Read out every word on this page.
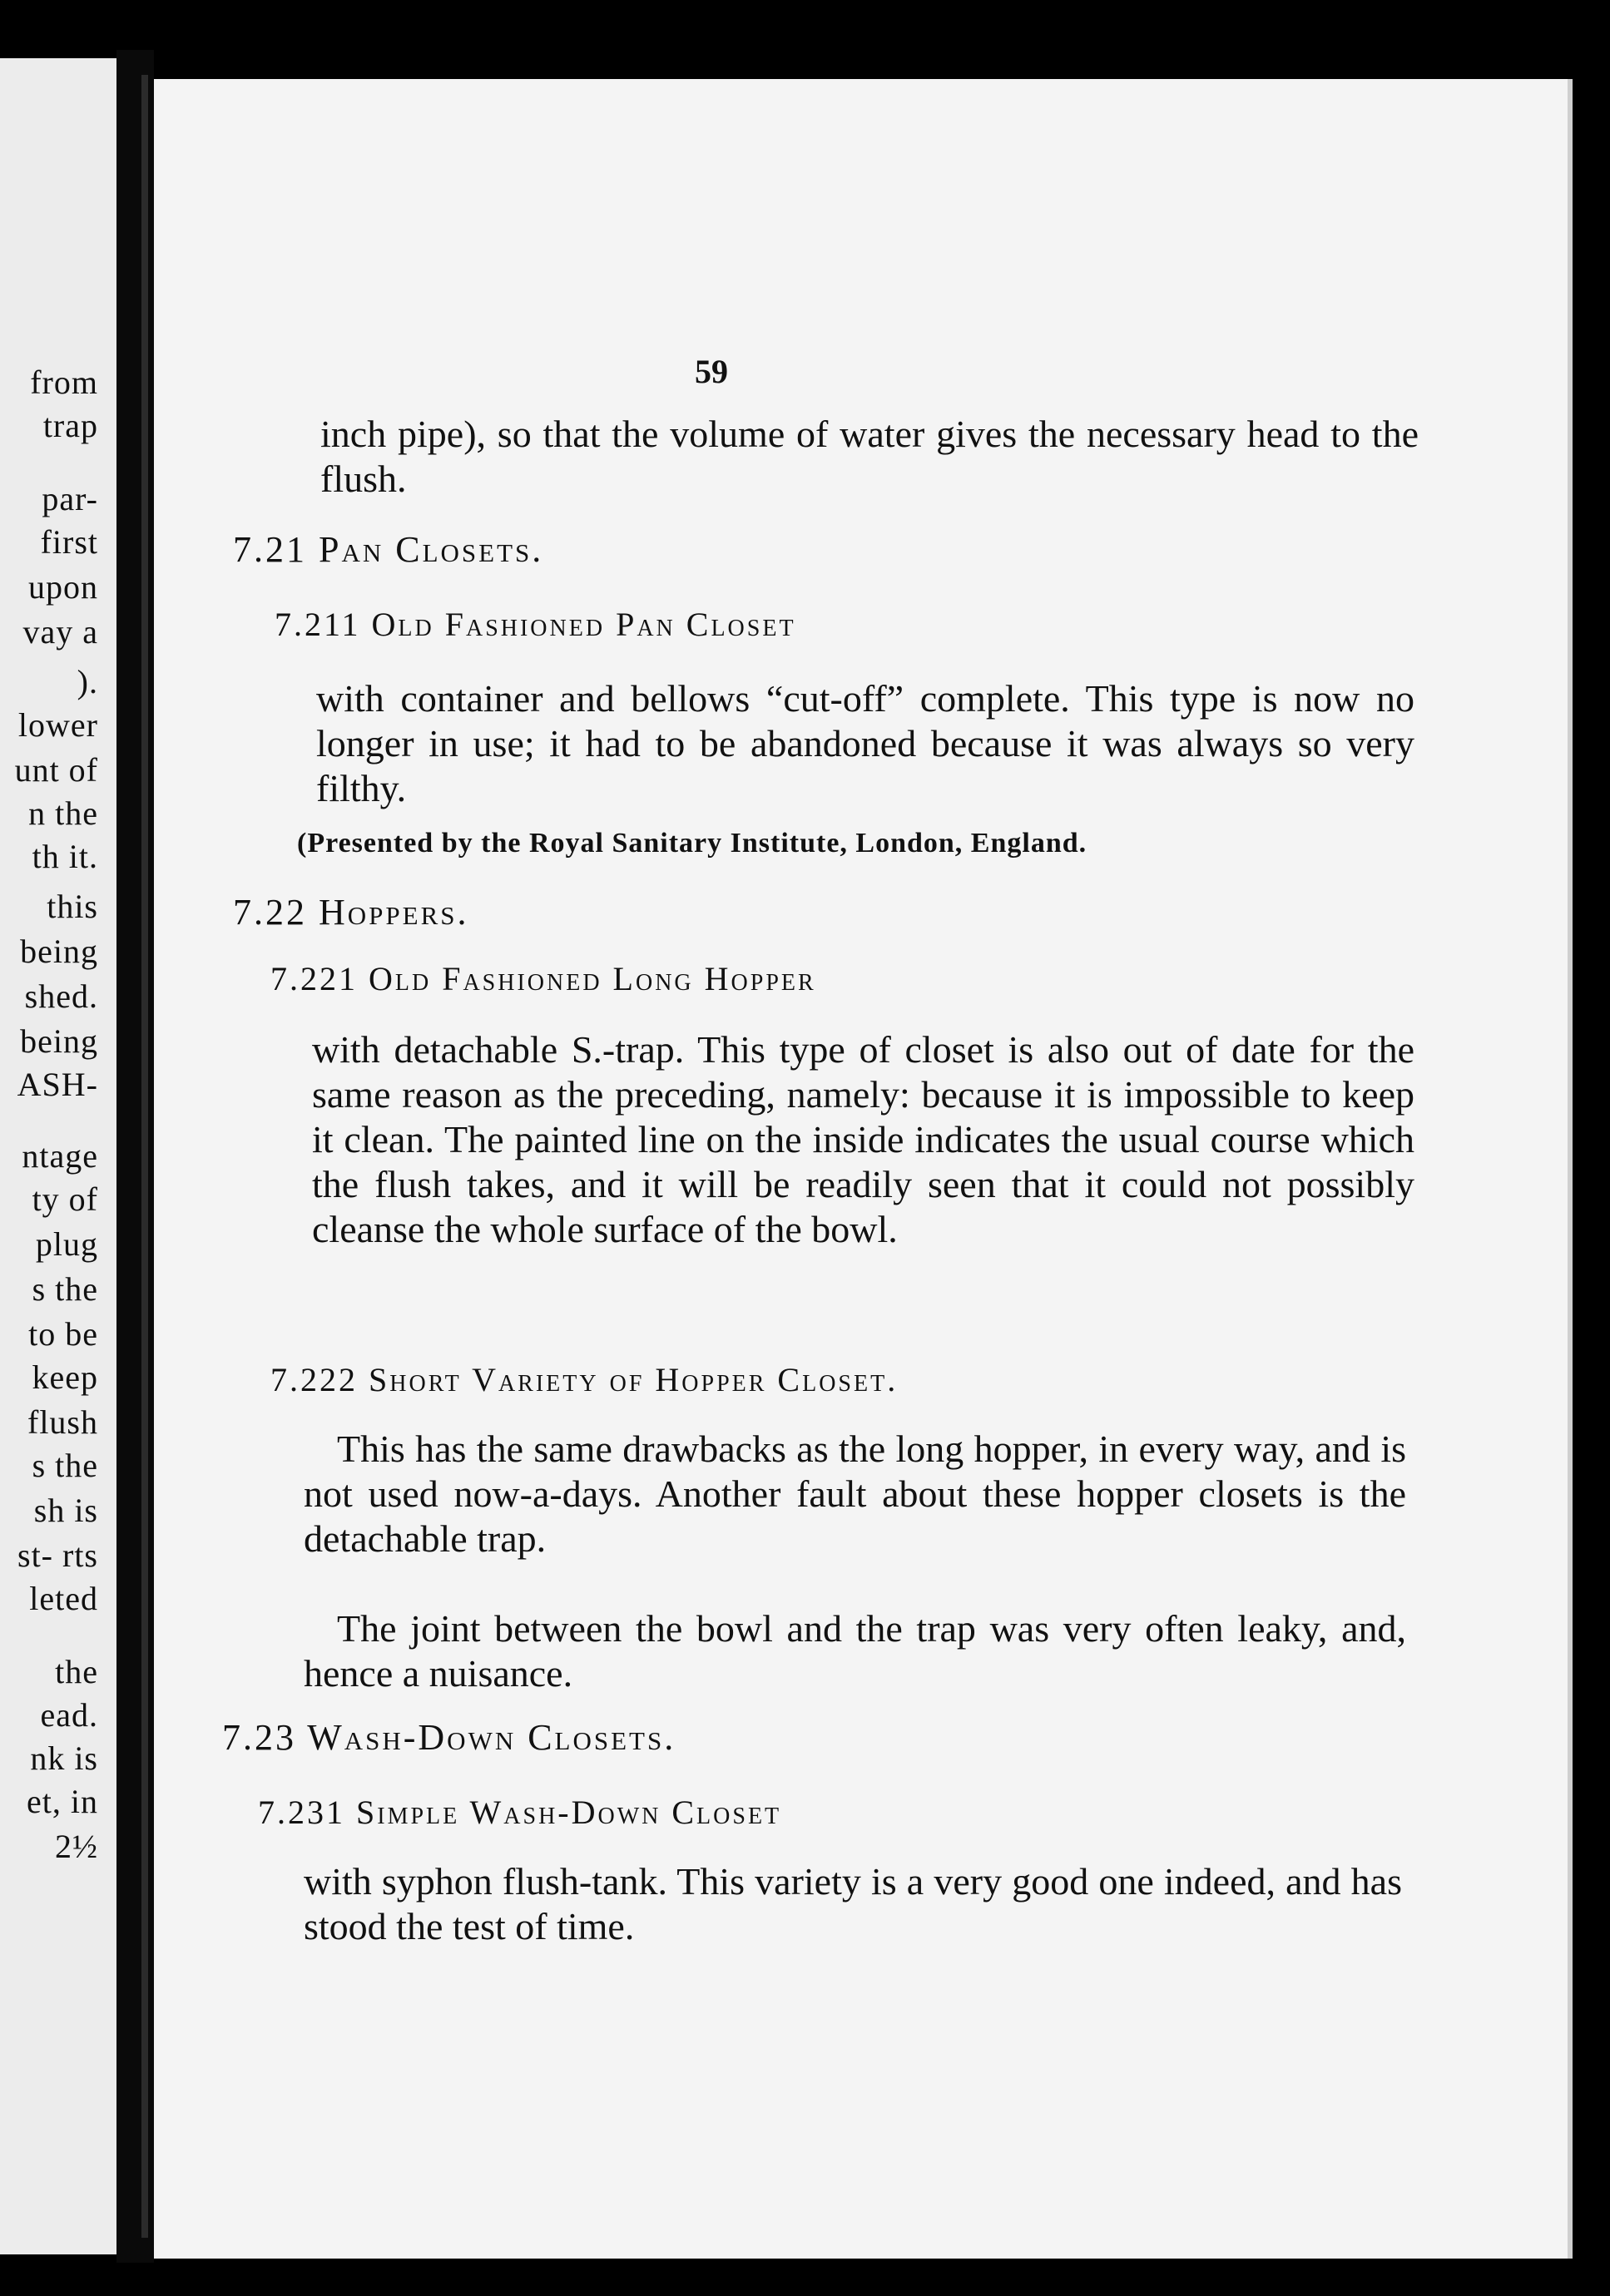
from
trap
par-
first
upon
vay a
).
lower
unt of
n the
th it.
this
being
shed.
being
ASH-
ntage
ty of
plug
s the
to be
keep
flush
s the
sh is
st- rts
leted
the
ead.
nk is
et, in
2½
59
inch pipe), so that the volume of water gives the necessary head to the flush.
7.21 Pan Closets.
7.211 Old Fashioned Pan Closet
with container and bellows “cut-off” complete. This type is now no longer in use; it had to be abandoned because it was always so very filthy.
(Presented by the Royal Sanitary Institute, London, England.
7.22 Hoppers.
7.221 Old Fashioned Long Hopper
with detachable S.-trap. This type of closet is also out of date for the same reason as the preceding, namely: because it is impossible to keep it clean. The painted line on the inside indicates the usual course which the flush takes, and it will be readily seen that it could not possibly cleanse the whole surface of the bowl.
7.222 Short Variety of Hopper Closet.
This has the same drawbacks as the long hopper, in every way, and is not used now-a-days. Another fault about these hopper closets is the detachable trap.
The joint between the bowl and the trap was very often leaky, and, hence a nuisance.
7.23 Wash-Down Closets.
7.231 Simple Wash-Down Closet
with syphon flush-tank. This variety is a very good one indeed, and has stood the test of time.
